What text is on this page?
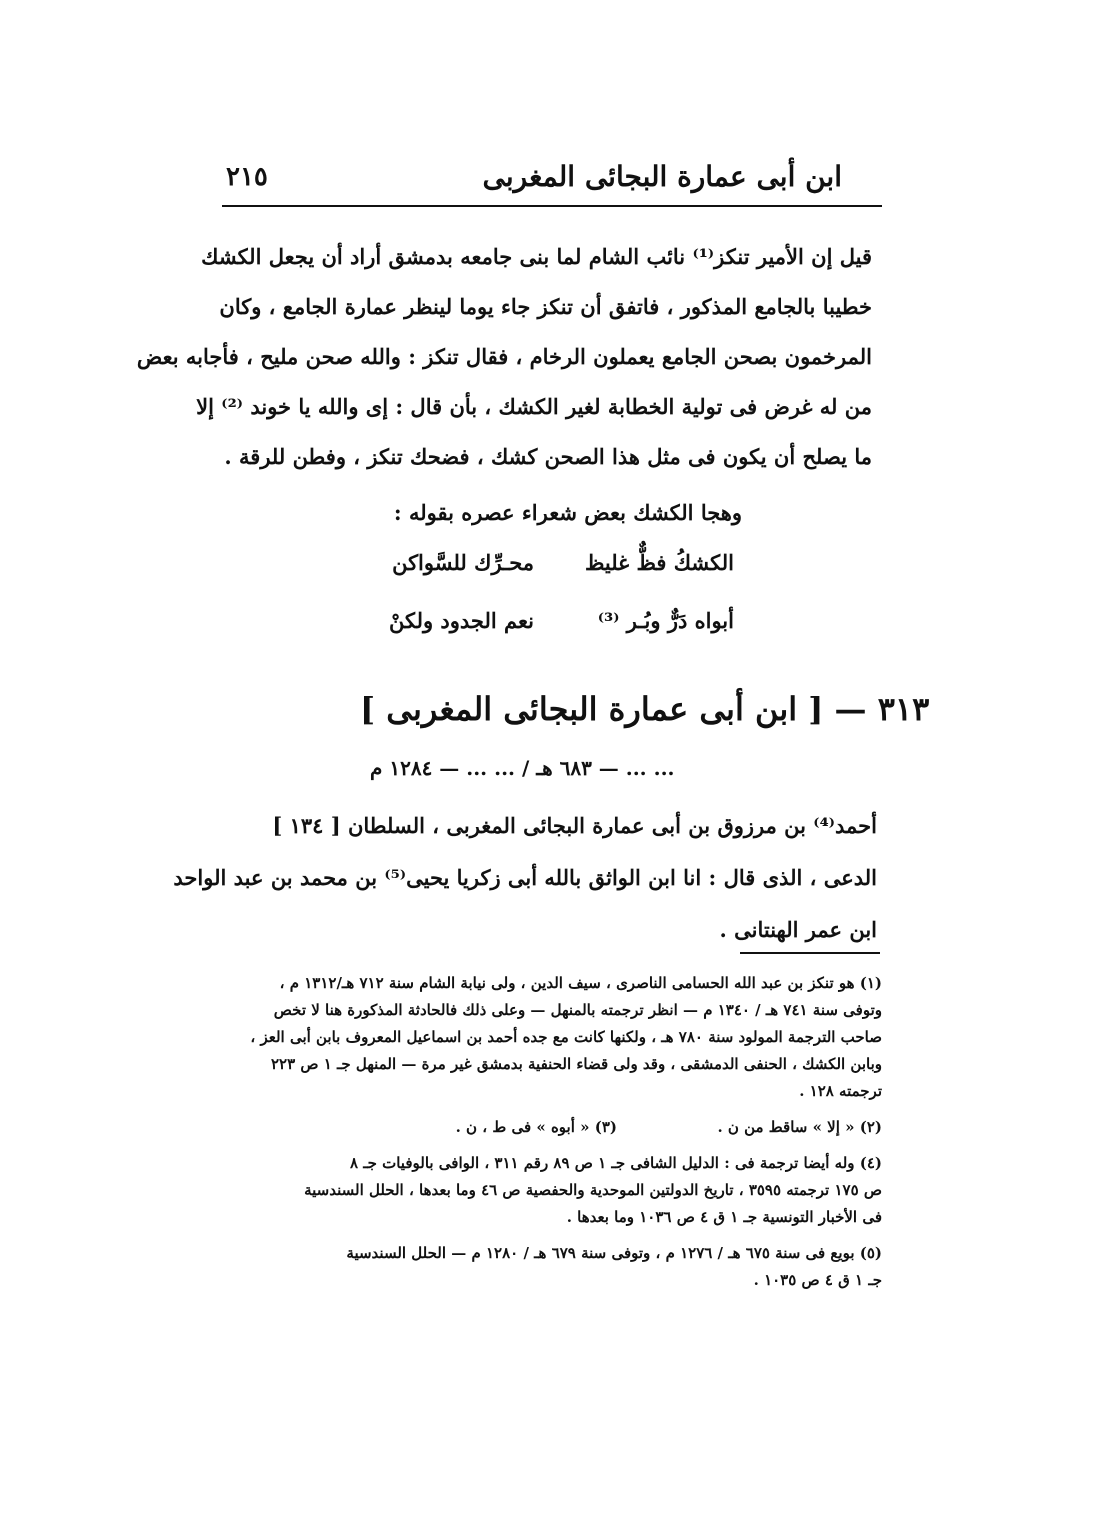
٢١٥	ابن أبى عمارة البجائى المغربى

قيل إن الأمير تنكز⁽¹⁾ نائب الشام لما بنى جامعه بدمشق أراد أن يجعل الكشك
خطيبا بالجامع المذكور ، فاتفق أن تنكز جاء يوما لينظر عمارة الجامع ، وكان
المرخمون بصحن الجامع يعملون الرخام ، فقال تنكز : والله صحن مليح ، فأجابه بعض
من له غرض فى تولية الخطابة لغير الكشك ، بأن قال : إى والله يا خوند ⁽²⁾ إلا
ما يصلح أن يكون فى مثل هذا الصحن كشك ، فضحك تنكز ، وفطن للرقة .

وهجا الكشك بعض شعراء عصره بقوله :
الكشكُ فظٌّ غليظ
محـرِّك للسَّواكن
أبواه دَرٌّ وبُـر ⁽³⁾
نعم الجدود ولكنْ
٣١٣ — [ ابن أبى عمارة البجائى المغربى ]
... ... — ٦٨٣ هـ / ... ... — ١٢٨٤ م

أحمد⁽⁴⁾ بن مرزوق بن أبى عمارة البجائى المغربى ، السلطان [ ١٣٤ ]
الدعى ، الذى قال : انا ابن الواثق بالله أبى زكريا يحيى⁽⁵⁾ بن محمد بن عبد الواحد
ابن عمر الهنتانى .

(١) هو تنكز بن عبد الله الحسامى الناصرى ، سيف الدين ، ولى نيابة الشام سنة ٧١٢ هـ/١٣١٢ م ،
وتوفى سنة ٧٤١ هـ / ١٣٤٠ م — انظر ترجمته بالمنهل — وعلى ذلك فالحادثة المذكورة هنا لا تخص
صاحب الترجمة المولود سنة ٧٨٠ هـ ، ولكنها كانت مع جده أحمد بن اسماعيل المعروف بابن أبى العز ،
وبابن الكشك ، الحنفى الدمشقى ، وقد ولى قضاء الحنفية بدمشق غير مرة — المنهل جـ ١ ص ٢٢٣
ترجمته ١٢٨ .
(٢) « إلا » ساقط من ن .  (٣) « أبوه » فى ط ، ن .
(٤) وله أيضا ترجمة فى : الدليل الشافى جـ ١ ص ٨٩ رقم ٣١١ ، الوافى بالوفيات جـ ٨
ص ١٧٥ ترجمته ٣٥٩٥ ، تاريخ الدولتين الموحدية والحفصية ص ٤٦ وما بعدها ، الحلل السندسية
فى الأخبار التونسية جـ ١ ق ٤ ص ١٠٣٦ وما بعدها .
(٥) بويع فى سنة ٦٧٥ هـ / ١٢٧٦ م ، وتوفى سنة ٦٧٩ هـ / ١٢٨٠ م — الحلل السندسية
جـ ١ ق ٤ ص ١٠٣٥ .
